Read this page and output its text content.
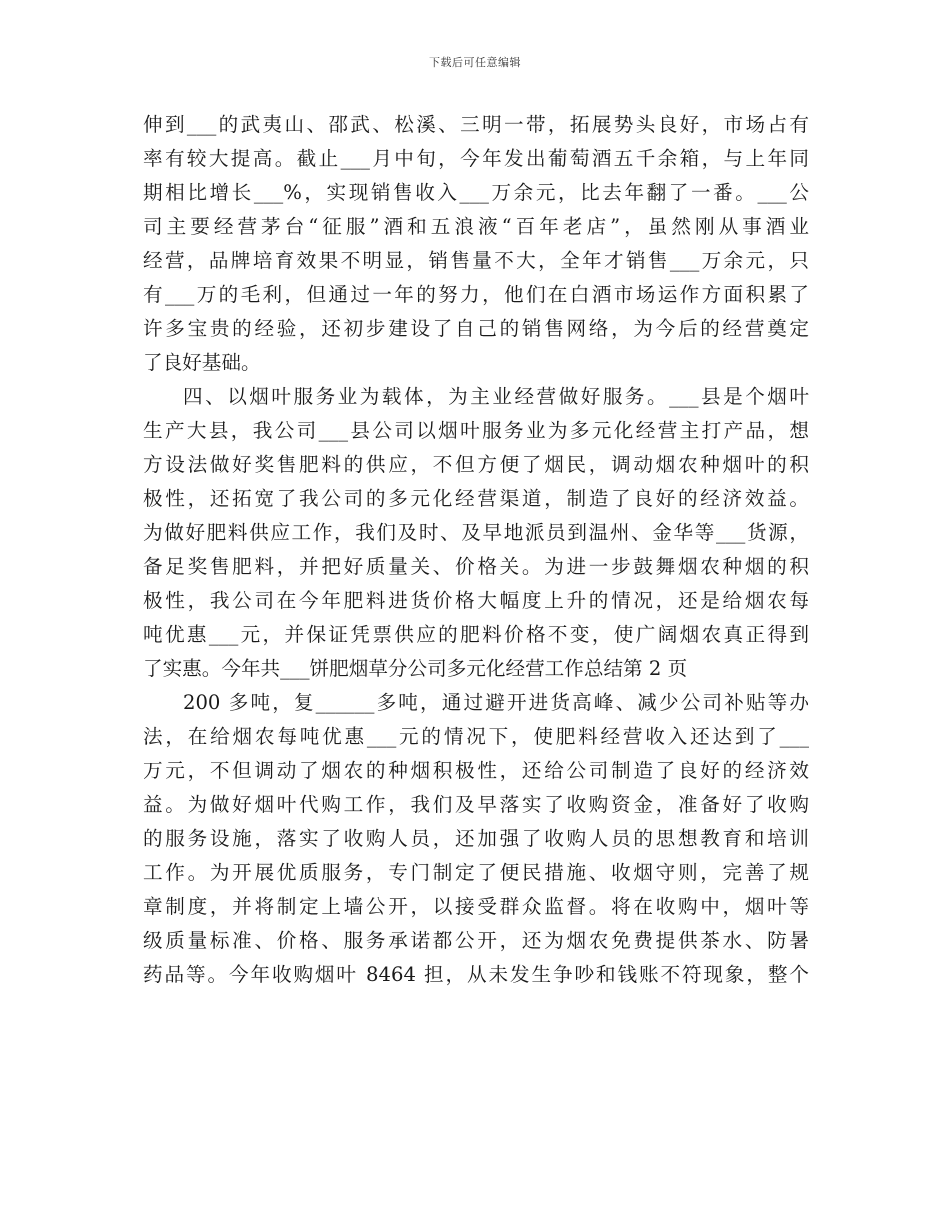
下载后可任意编辑
伸到___的武夷山、邵武、松溪、三明一带，拓展势头良好，市场占有
率有较大提高。截止___月中旬，今年发出葡萄酒五千余箱，与上年同
期相比增长___%，实现销售收入___万余元，比去年翻了一番。___公
司主要经营茅台“征服”酒和五浪液“百年老店”，虽然刚从事酒业
经营，品牌培育效果不明显，销售量不大，全年才销售___万余元，只
有___万的毛利，但通过一年的努力，他们在白酒市场运作方面积累了
许多宝贵的经验，还初步建设了自己的销售网络，为今后的经营奠定
了良好基础。
四、以烟叶服务业为载体，为主业经营做好服务。___县是个烟叶
生产大县，我公司___县公司以烟叶服务业为多元化经营主打产品，想
方设法做好奖售肥料的供应，不但方便了烟民，调动烟农种烟叶的积
极性，还拓宽了我公司的多元化经营渠道，制造了良好的经济效益。
为做好肥料供应工作，我们及时、及早地派员到温州、金华等___货源，
备足奖售肥料，并把好质量关、价格关。为进一步鼓舞烟农种烟的积
极性，我公司在今年肥料进货价格大幅度上升的情况，还是给烟农每
吨优惠___元，并保证凭票供应的肥料价格不变，使广阔烟农真正得到
了实惠。今年共___饼肥烟草分公司多元化经营工作总结第 2 页
200 多吨，复______多吨，通过避开进货高峰、减少公司补贴等办
法，在给烟农每吨优惠___元的情况下，使肥料经营收入还达到了___
万元，不但调动了烟农的种烟积极性，还给公司制造了良好的经济效
益。为做好烟叶代购工作，我们及早落实了收购资金，准备好了收购
的服务设施，落实了收购人员，还加强了收购人员的思想教育和培训
工作。为开展优质服务，专门制定了便民措施、收烟守则，完善了规
章制度，并将制定上墙公开，以接受群众监督。将在收购中，烟叶等
级质量标准、价格、服务承诺都公开，还为烟农免费提供茶水、防暑
药品等。今年收购烟叶 8464 担，从未发生争吵和钱账不符现象，整个
